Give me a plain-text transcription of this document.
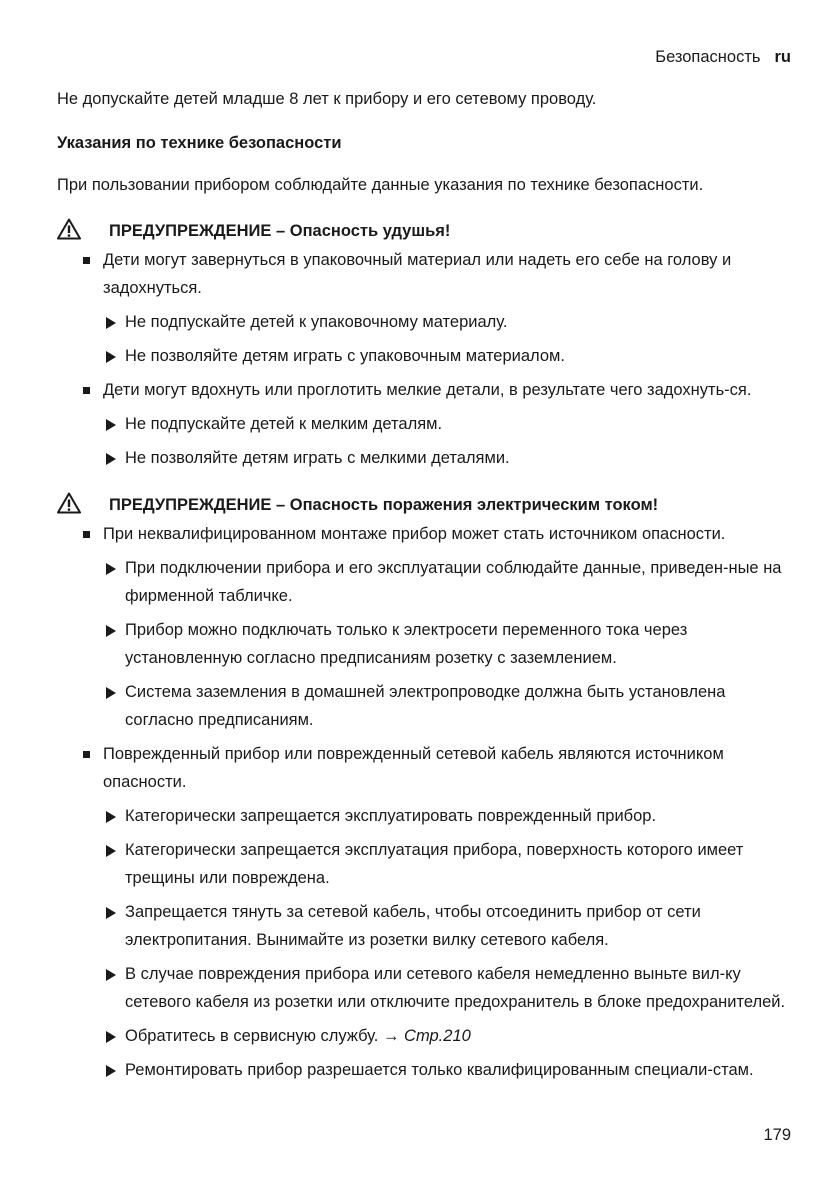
Безопасность ru

Не допускайте детей младше 8 лет к прибору и его сетевому проводу.

Указания по технике безопасности

При пользовании прибором соблюдайте данные указания по технике безопасности.

ПРЕДУПРЕЖДЕНИЕ – Опасность удушья!

Дети могут завернуться в упаковочный материал или надеть его себе на голову и задохнуться.

Не подпускайте детей к упаковочному материалу.

Не позволяйте детям играть с упаковочным материалом.

Дети могут вдохнуть или проглотить мелкие детали, в результате чего задохнуть-ся.

Не подпускайте детей к мелким деталям.

Не позволяйте детям играть с мелкими деталями.

ПРЕДУПРЕЖДЕНИЕ – Опасность поражения электрическим током!

При неквалифицированном монтаже прибор может стать источником опасности.

При подключении прибора и его эксплуатации соблюдайте данные, приведен-ные на фирменной табличке.

Прибор можно подключать только к электросети переменного тока через установленную согласно предписаниям розетку с заземлением.

Система заземления в домашней электропроводке должна быть установлена согласно предписаниям.

Поврежденный прибор или поврежденный сетевой кабель являются источником опасности.

Категорически запрещается эксплуатировать поврежденный прибор.

Категорически запрещается эксплуатация прибора, поверхность которого имеет трещины или повреждена.

Запрещается тянуть за сетевой кабель, чтобы отсоединить прибор от сети электропитания. Вынимайте из розетки вилку сетевого кабеля.

В случае повреждения прибора или сетевого кабеля немедленно выньте вил-ку сетевого кабеля из розетки или отключите предохранитель в блоке предохранителей.

Обратитесь в сервисную службу. → Стр.210

Ремонтировать прибор разрешается только квалифицированным специали-стам.

179
